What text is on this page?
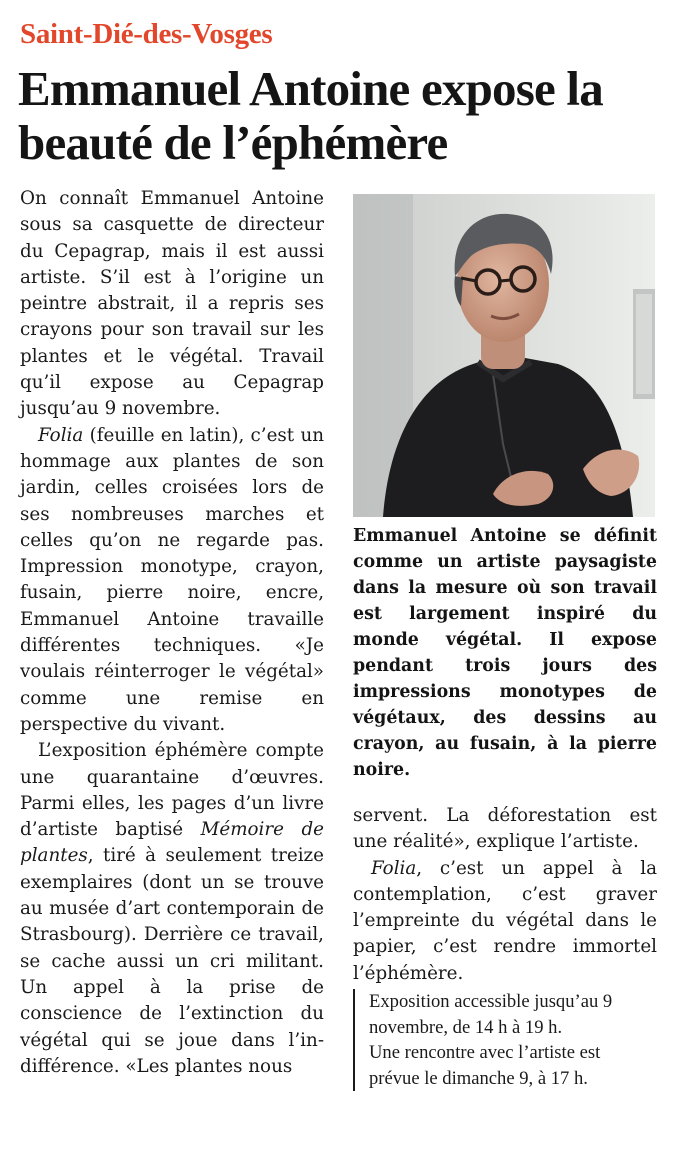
Saint-Dié-des-Vosges
Emmanuel Antoine expose la beauté de l’éphémère

On connaît Emmanuel Antoine sous sa casquette de directeur du Cepagrap, mais il est aussi artiste. S’il est à l’origine un peintre abstrait, il a repris ses crayons pour son travail sur les plantes et le végétal. Travail qu’il expose au Cepagrap jusqu’au 9 novembre.

Folia (feuille en latin), c’est un hommage aux plantes de son jardin, celles croisées lors de ses nombreuses marches et celles qu’on ne regarde pas. Impression monotype, crayon, fusain, pierre noire, encre, Emmanuel Antoine travaille différentes techniques. «Je voulais réinterroger le végétal» comme une remise en perspective du vivant.

L’exposition éphémère compte une quarantaine d’œuvres. Parmi elles, les pages d’un livre d’artiste baptisé Mémoire de plantes, tiré à seulement treize exemplaires (dont un se trouve au musée d’art contemporain de Strasbourg). Derrière ce travail, se cache aussi un cri militant. Un appel à la prise de conscience de l’extinction du végétal qui se joue dans l’indifférence. «Les plantes nous

Emmanuel Antoine se définit comme un artiste paysagiste dans la mesure où son travail est largement inspiré du monde végétal. Il expose pendant trois jours des impressions monotypes de végétaux, des dessins au crayon, au fusain, à la pierre noire.

servent. La déforestation est une réalité», explique l’artiste.

Folia, c’est un appel à la contemplation, c’est graver l’empreinte du végétal dans le papier, c’est rendre immortel l’éphémère.

Exposition accessible jusqu’au 9 novembre, de 14 h à 19 h.

Une rencontre avec l’artiste est prévue le dimanche 9, à 17 h.
